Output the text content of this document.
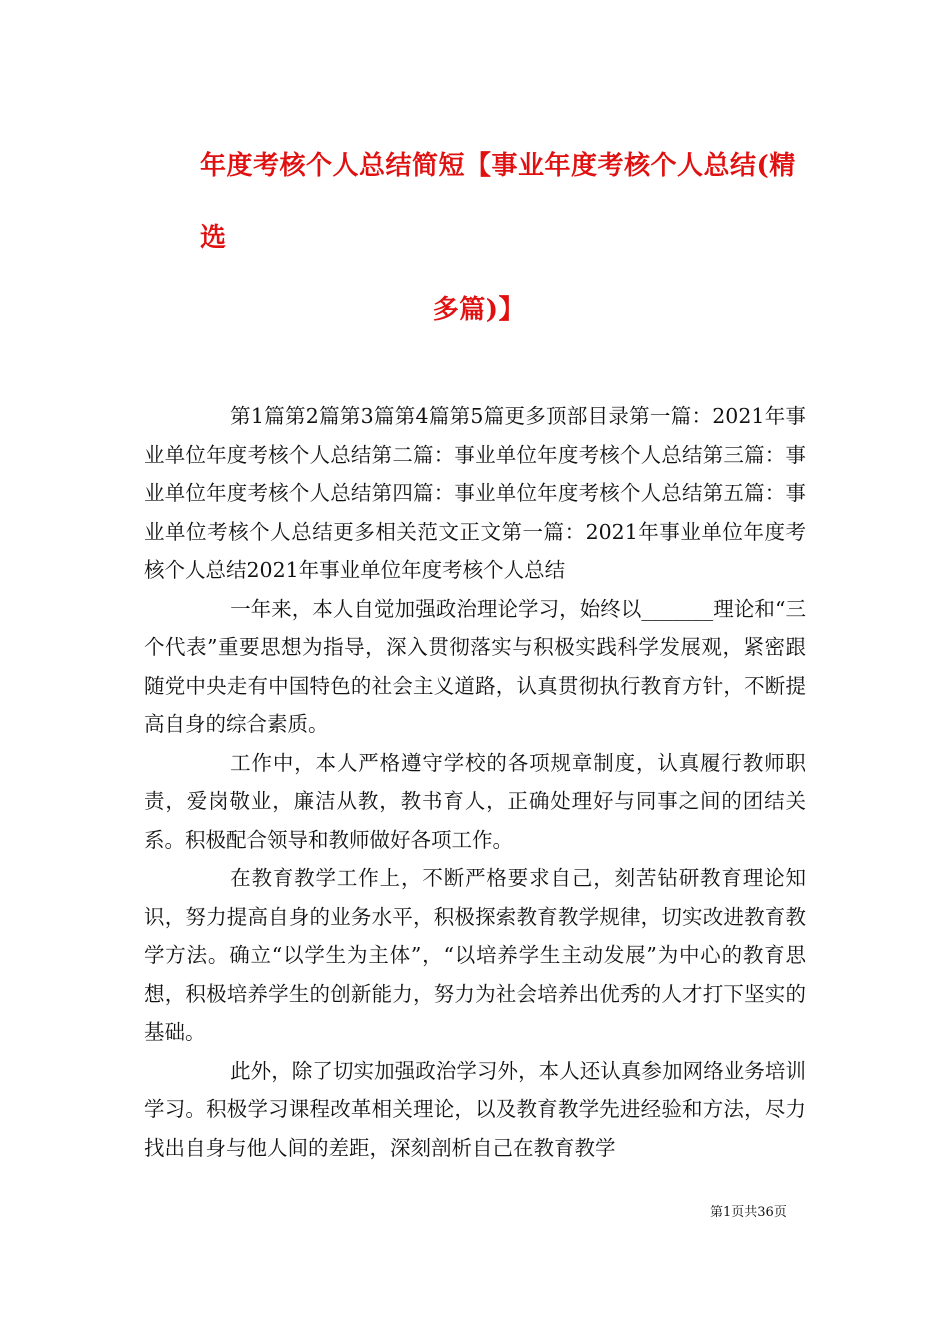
年度考核个人总结简短【事业年度考核个人总结(精选
多篇)】

第1篇第2篇第3篇第4篇第5篇更多顶部目录第一篇：2021年事业单位年度考核个人总结第二篇：事业单位年度考核个人总结第三篇：事业单位年度考核个人总结第四篇：事业单位年度考核个人总结第五篇：事业单位考核个人总结更多相关范文正文第一篇：2021年事业单位年度考核个人总结2021年事业单位年度考核个人总结

一年来，本人自觉加强政治理论学习，始终以_______理论和“三个代表”重要思想为指导，深入贯彻落实与积极实践科学发展观，紧密跟随党中央走有中国特色的社会主义道路，认真贯彻执行教育方针，不断提高自身的综合素质。

工作中，本人严格遵守学校的各项规章制度，认真履行教师职责，爱岗敬业，廉洁从教，教书育人，正确处理好与同事之间的团结关系。积极配合领导和教师做好各项工作。

在教育教学工作上，不断严格要求自己，刻苦钻研教育理论知识，努力提高自身的业务水平，积极探索教育教学规律，切实改进教育教学方法。确立“以学生为主体”，“以培养学生主动发展”为中心的教育思想，积极培养学生的创新能力，努力为社会培养出优秀的人才打下坚实的基础。

此外，除了切实加强政治学习外，本人还认真参加网络业务培训学习。积极学习课程改革相关理论，以及教育教学先进经验和方法，尽力找出自身与他人间的差距，深刻剖析自己在教育教学

第1页共36页
